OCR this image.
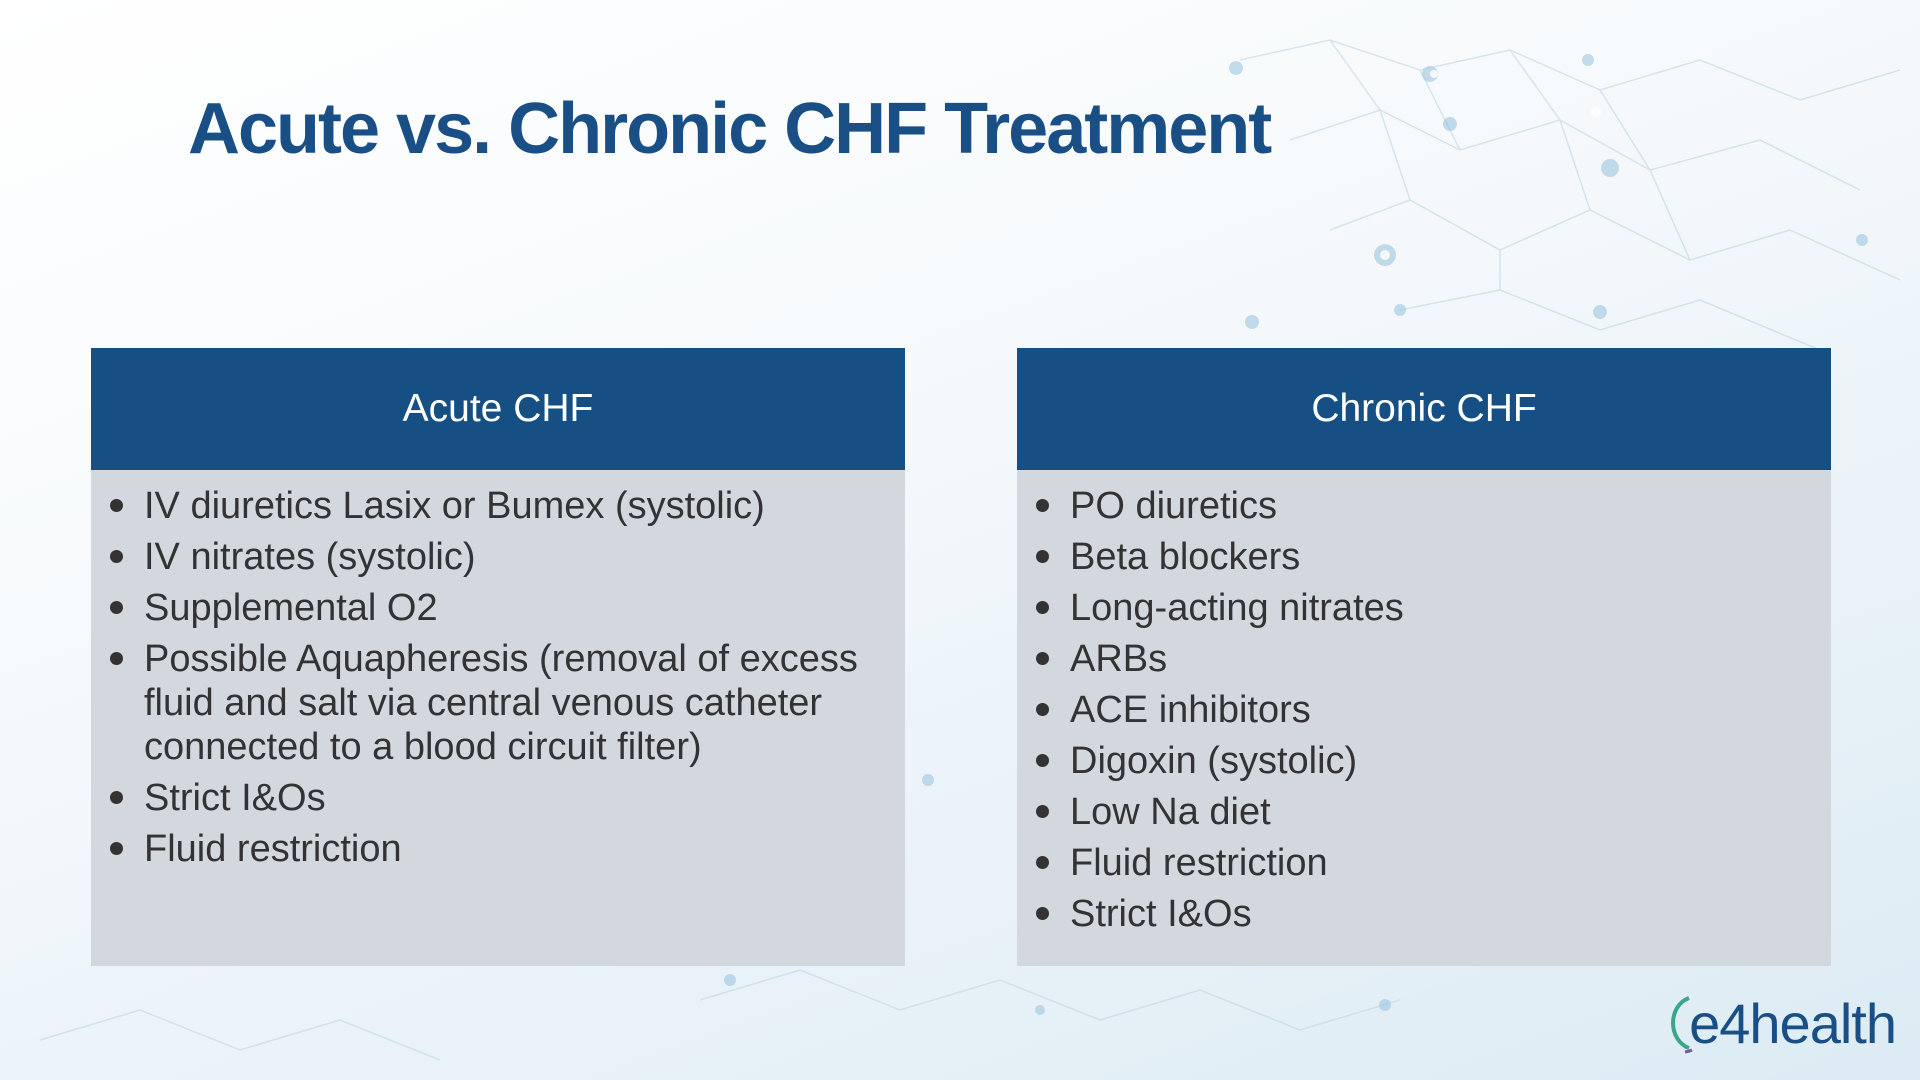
Acute vs. Chronic CHF Treatment
Acute CHF
IV diuretics Lasix or Bumex (systolic)
IV nitrates (systolic)
Supplemental O2
Possible Aquapheresis (removal of excess fluid and salt via central venous catheter connected to a blood circuit filter)
Strict I&Os
Fluid restriction
Chronic CHF
PO diuretics
Beta blockers
Long-acting nitrates
ARBs
ACE inhibitors
Digoxin (systolic)
Low Na diet
Fluid restriction
Strict I&Os
e4health
